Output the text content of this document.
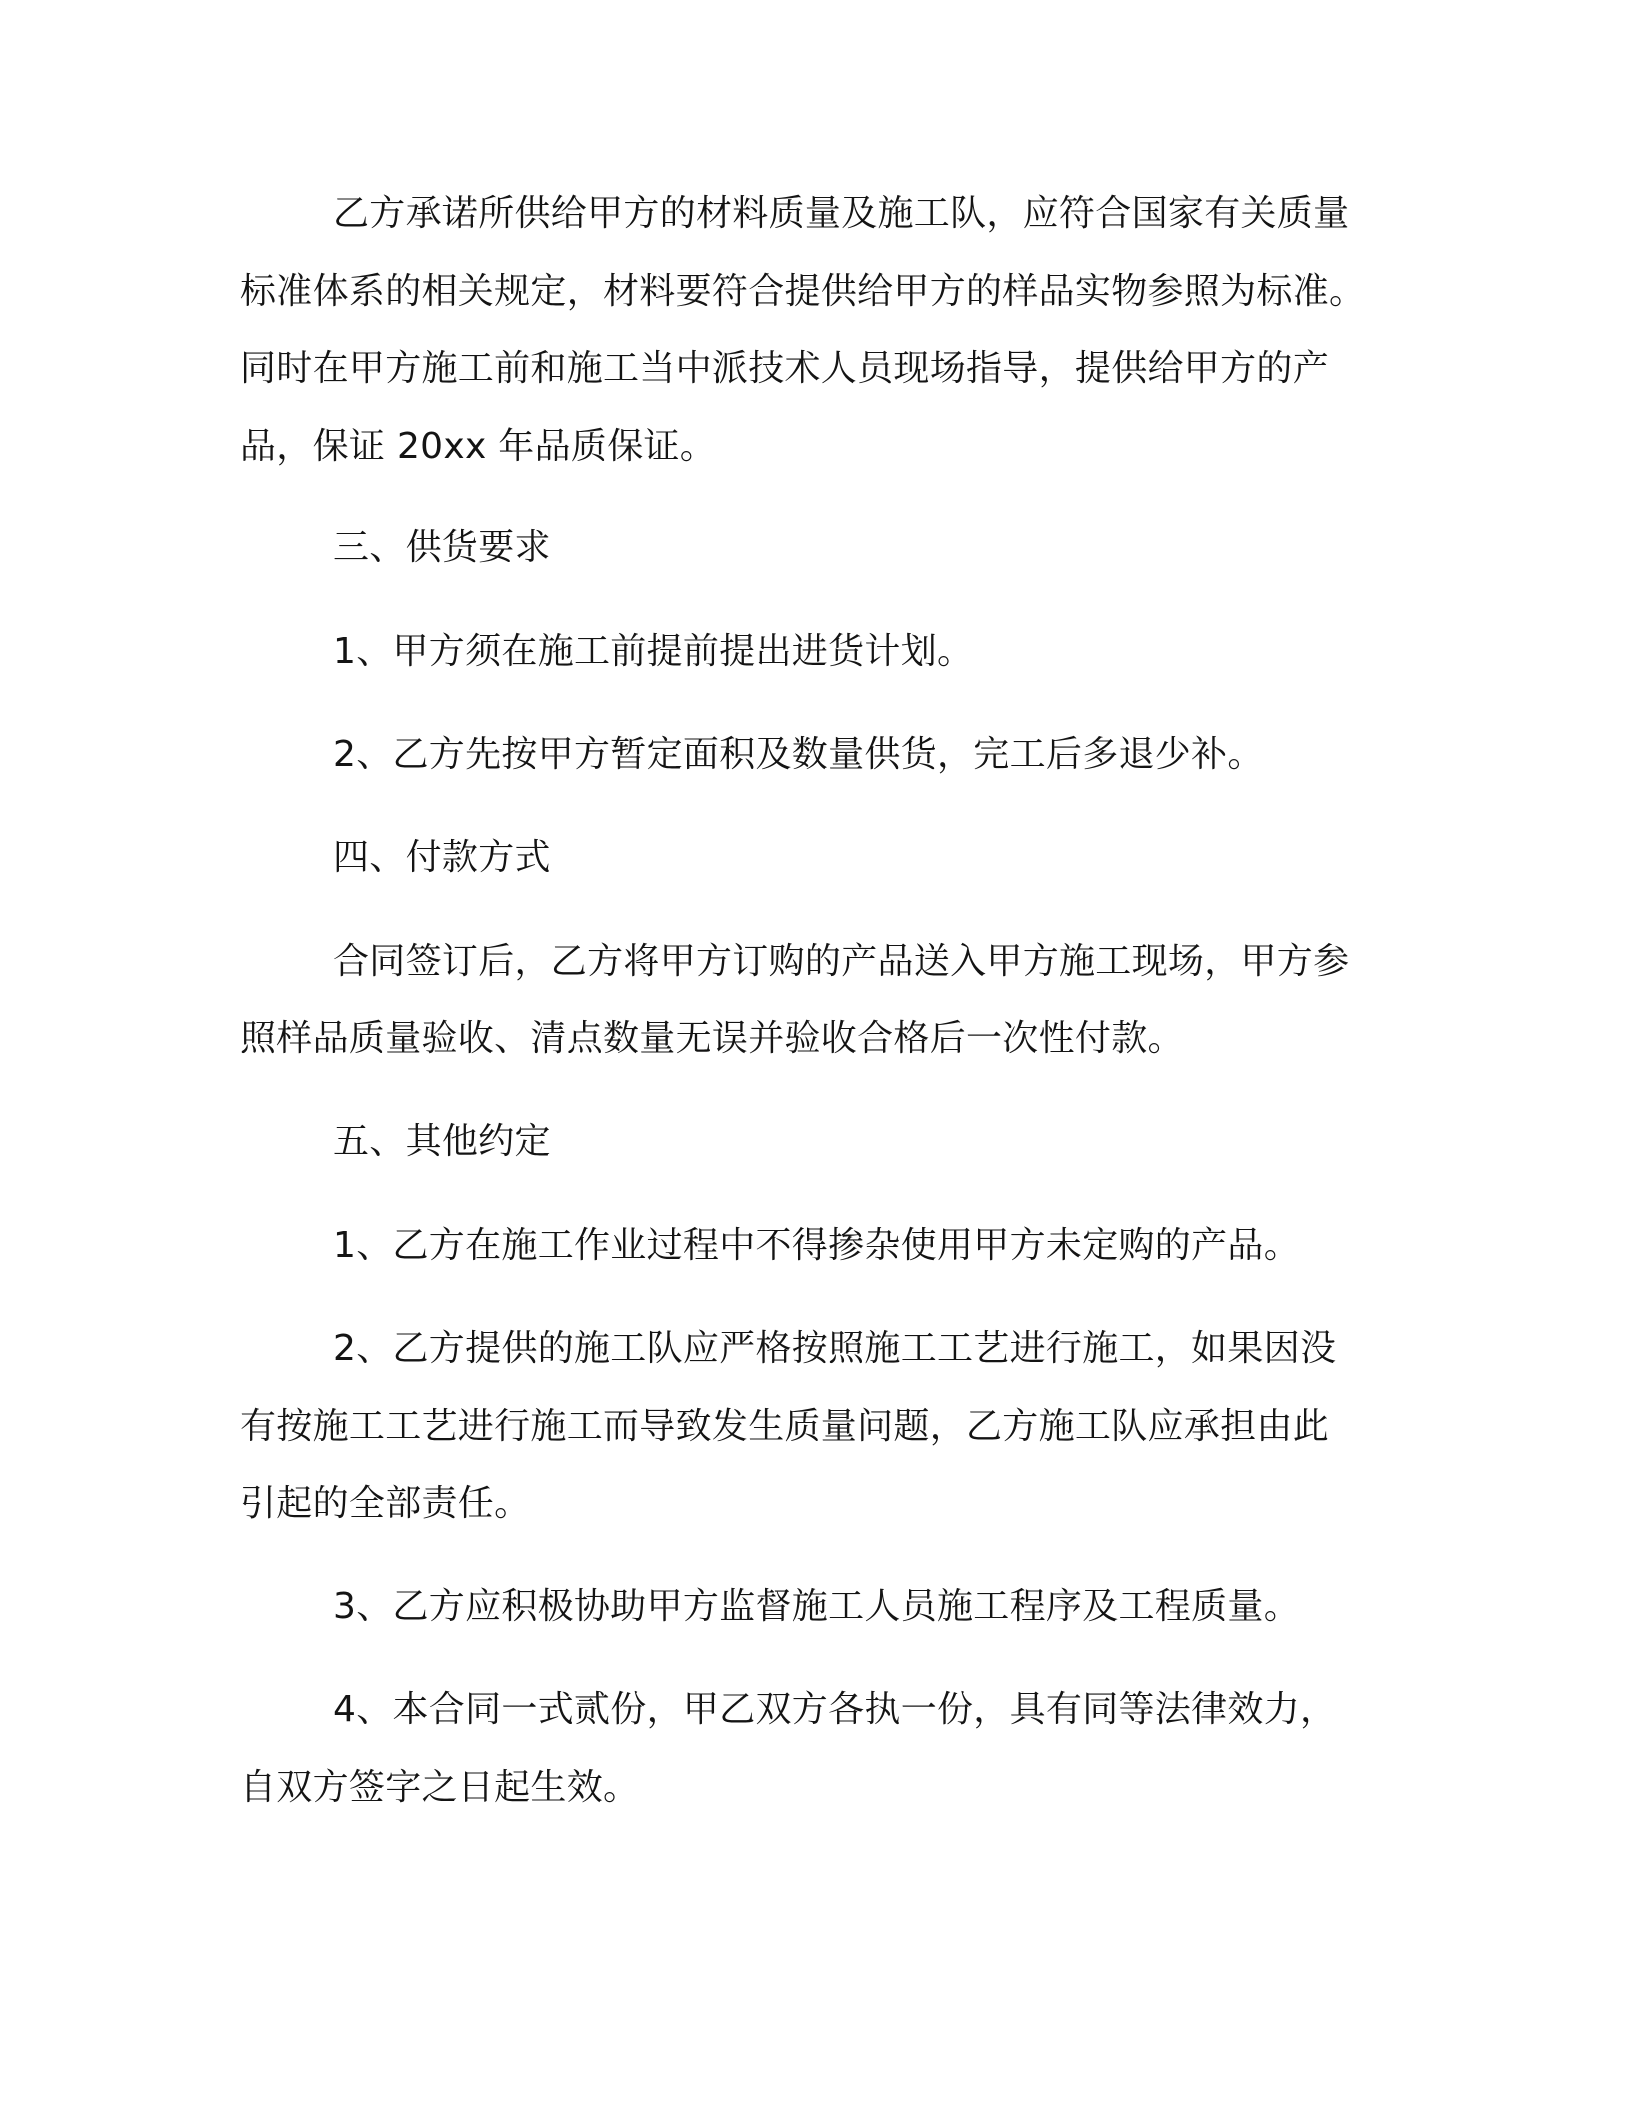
乙方承诺所供给甲方的材料质量及施工队，应符合国家有关质量
标准体系的相关规定，材料要符合提供给甲方的样品实物参照为标准。
同时在甲方施工前和施工当中派技术人员现场指导，提供给甲方的产
品，保证 20xx 年品质保证。
三、供货要求
1、甲方须在施工前提前提出进货计划。
2、乙方先按甲方暂定面积及数量供货，完工后多退少补。
四、付款方式
合同签订后，乙方将甲方订购的产品送入甲方施工现场，甲方参
照样品质量验收、清点数量无误并验收合格后一次性付款。
五、其他约定
1、乙方在施工作业过程中不得掺杂使用甲方未定购的产品。
2、乙方提供的施工队应严格按照施工工艺进行施工，如果因没
有按施工工艺进行施工而导致发生质量问题，乙方施工队应承担由此
引起的全部责任。
3、乙方应积极协助甲方监督施工人员施工程序及工程质量。
4、本合同一式贰份，甲乙双方各执一份，具有同等法律效力，
自双方签字之日起生效。
